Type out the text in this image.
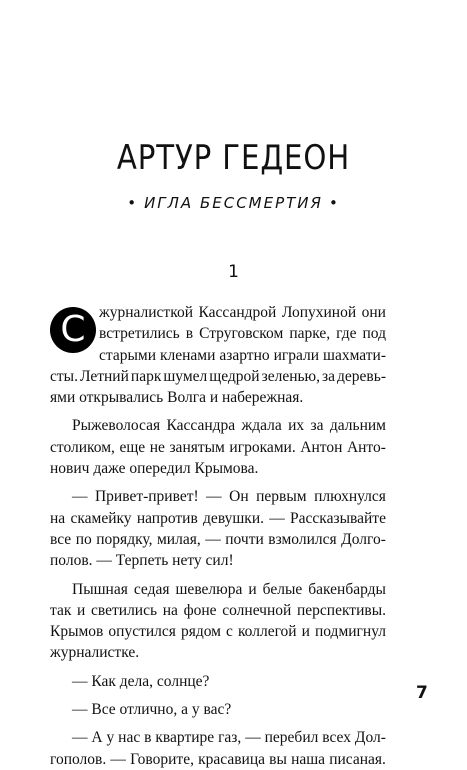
АРТУР ГЕДЕОН
• ИГЛА БЕССМЕРТИЯ •
1
С журналисткой Кассандрой Лопухиной они
встретились в Струговском парке, где под
старыми кленами азартно играли шахмати-
сты. Летний парк шумел щедрой зеленью, за деревь-
ями открывались Волга и набережная.
Рыжеволосая Кассандра ждала их за дальним
столиком, еще не занятым игроками. Антон Анто-
нович даже опередил Крымова.
— Привет-привет! — Он первым плюхнулся
на скамейку напротив девушки. — Рассказывайте
все по порядку, милая, — почти взмолился Долго-
полов. — Терпеть нету сил!
Пышная седая шевелюра и белые бакенбарды
так и светились на фоне солнечной перспективы.
Крымов опустился рядом с коллегой и подмигнул
журналистке.
— Как дела, солнце?
— Все отлично, а у вас?
— А у нас в квартире газ, — перебил всех Дол-
гополов. — Говорите, красавица вы наша писаная.
7
